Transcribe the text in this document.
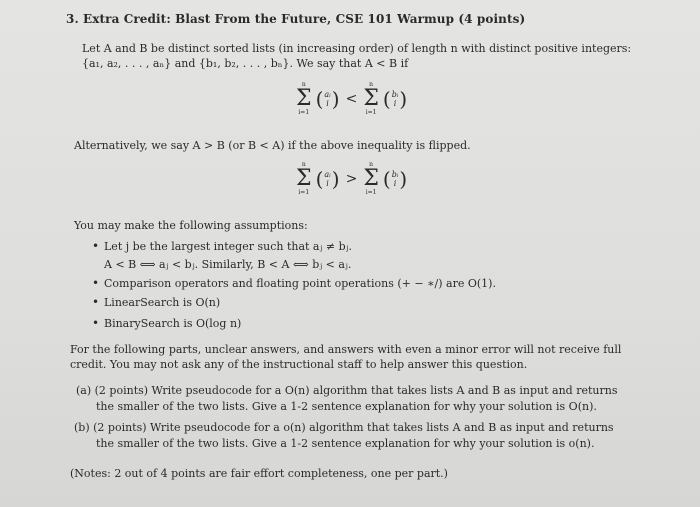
3. Extra Credit: Blast From the Future, CSE 101 Warmup (4 points)
Let A and B be distinct sorted lists (in increasing order) of length n with distinct positive integers:
{a₁, a₂, . . . , aₙ} and {b₁, b₂, . . . , bₙ}. We say that A < B if
n
Σ
i=1
( aᵢ
i ) <
n
Σ
i=1
( bᵢ
i )
Alternatively, we say A > B (or B < A) if the above inequality is flipped.
n
Σ
i=1
( aᵢ
i ) >
n
Σ
i=1
( bᵢ
i )
You may make the following assumptions:
• Let j be the largest integer such that aⱼ ≠ bⱼ.
A < B ⟺ aⱼ < bⱼ. Similarly, B < A ⟺ bⱼ < aⱼ.
• Comparison operators and floating point operations (+ − ∗/) are O(1).
• LinearSearch is O(n)
• BinarySearch is O(log n)
For the following parts, unclear answers, and answers with even a minor error will not receive full
credit. You may not ask any of the instructional staff to help answer this question.
(a) (2 points) Write pseudocode for a O(n) algorithm that takes lists A and B as input and returns
the smaller of the two lists. Give a 1-2 sentence explanation for why your solution is O(n).
(b) (2 points) Write pseudocode for a o(n) algorithm that takes lists A and B as input and returns
the smaller of the two lists. Give a 1-2 sentence explanation for why your solution is o(n).
(Notes: 2 out of 4 points are fair effort completeness, one per part.)
